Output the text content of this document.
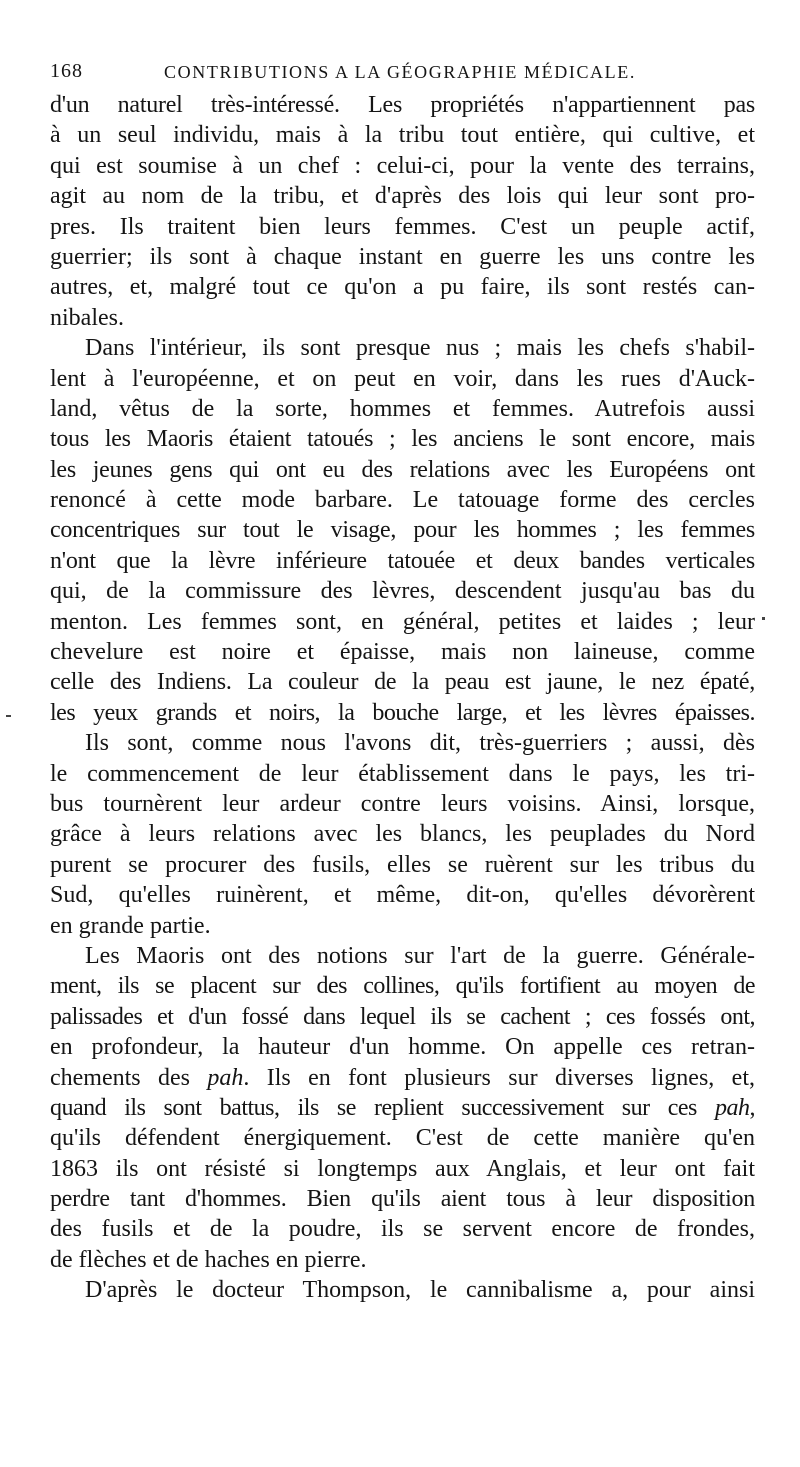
168	CONTRIBUTIONS A LA GÉOGRAPHIE MÉDICALE.
d'un naturel très-intéressé. Les propriétés n'appartiennent pas
à un seul individu, mais à la tribu tout entière, qui cultive, et
qui est soumise à un chef : celui-ci, pour la vente des terrains,
agit au nom de la tribu, et d'après des lois qui leur sont pro-
pres. Ils traitent bien leurs femmes. C'est un peuple actif,
guerrier; ils sont à chaque instant en guerre les uns contre les
autres, et, malgré tout ce qu'on a pu faire, ils sont restés can-
nibales.
Dans l'intérieur, ils sont presque nus ; mais les chefs s'habil-
lent à l'européenne, et on peut en voir, dans les rues d'Auck-
land, vêtus de la sorte, hommes et femmes. Autrefois aussi
tous les Maoris étaient tatoués ; les anciens le sont encore, mais
les jeunes gens qui ont eu des relations avec les Européens ont
renoncé à cette mode barbare. Le tatouage forme des cercles
concentriques sur tout le visage, pour les hommes ; les femmes
n'ont que la lèvre inférieure tatouée et deux bandes verticales
qui, de la commissure des lèvres, descendent jusqu'au bas du
menton. Les femmes sont, en général, petites et laides ; leur
chevelure est noire et épaisse, mais non laineuse, comme
celle des Indiens. La couleur de la peau est jaune, le nez épaté,
les yeux grands et noirs, la bouche large, et les lèvres épaisses.
Ils sont, comme nous l'avons dit, très-guerriers ; aussi, dès
le commencement de leur établissement dans le pays, les tri-
bus tournèrent leur ardeur contre leurs voisins. Ainsi, lorsque,
grâce à leurs relations avec les blancs, les peuplades du Nord
purent se procurer des fusils, elles se ruèrent sur les tribus du
Sud, qu'elles ruinèrent, et même, dit-on, qu'elles dévorèrent
en grande partie.
Les Maoris ont des notions sur l'art de la guerre. Générale-
ment, ils se placent sur des collines, qu'ils fortifient au moyen de
palissades et d'un fossé dans lequel ils se cachent ; ces fossés ont,
en profondeur, la hauteur d'un homme. On appelle ces retran-
chements des pah. Ils en font plusieurs sur diverses lignes, et,
quand ils sont battus, ils se replient successivement sur ces pah,
qu'ils défendent énergiquement. C'est de cette manière qu'en
1863 ils ont résisté si longtemps aux Anglais, et leur ont fait
perdre tant d'hommes. Bien qu'ils aient tous à leur disposition
des fusils et de la poudre, ils se servent encore de frondes,
de flèches et de haches en pierre.
D'après le docteur Thompson, le cannibalisme a, pour ainsi
